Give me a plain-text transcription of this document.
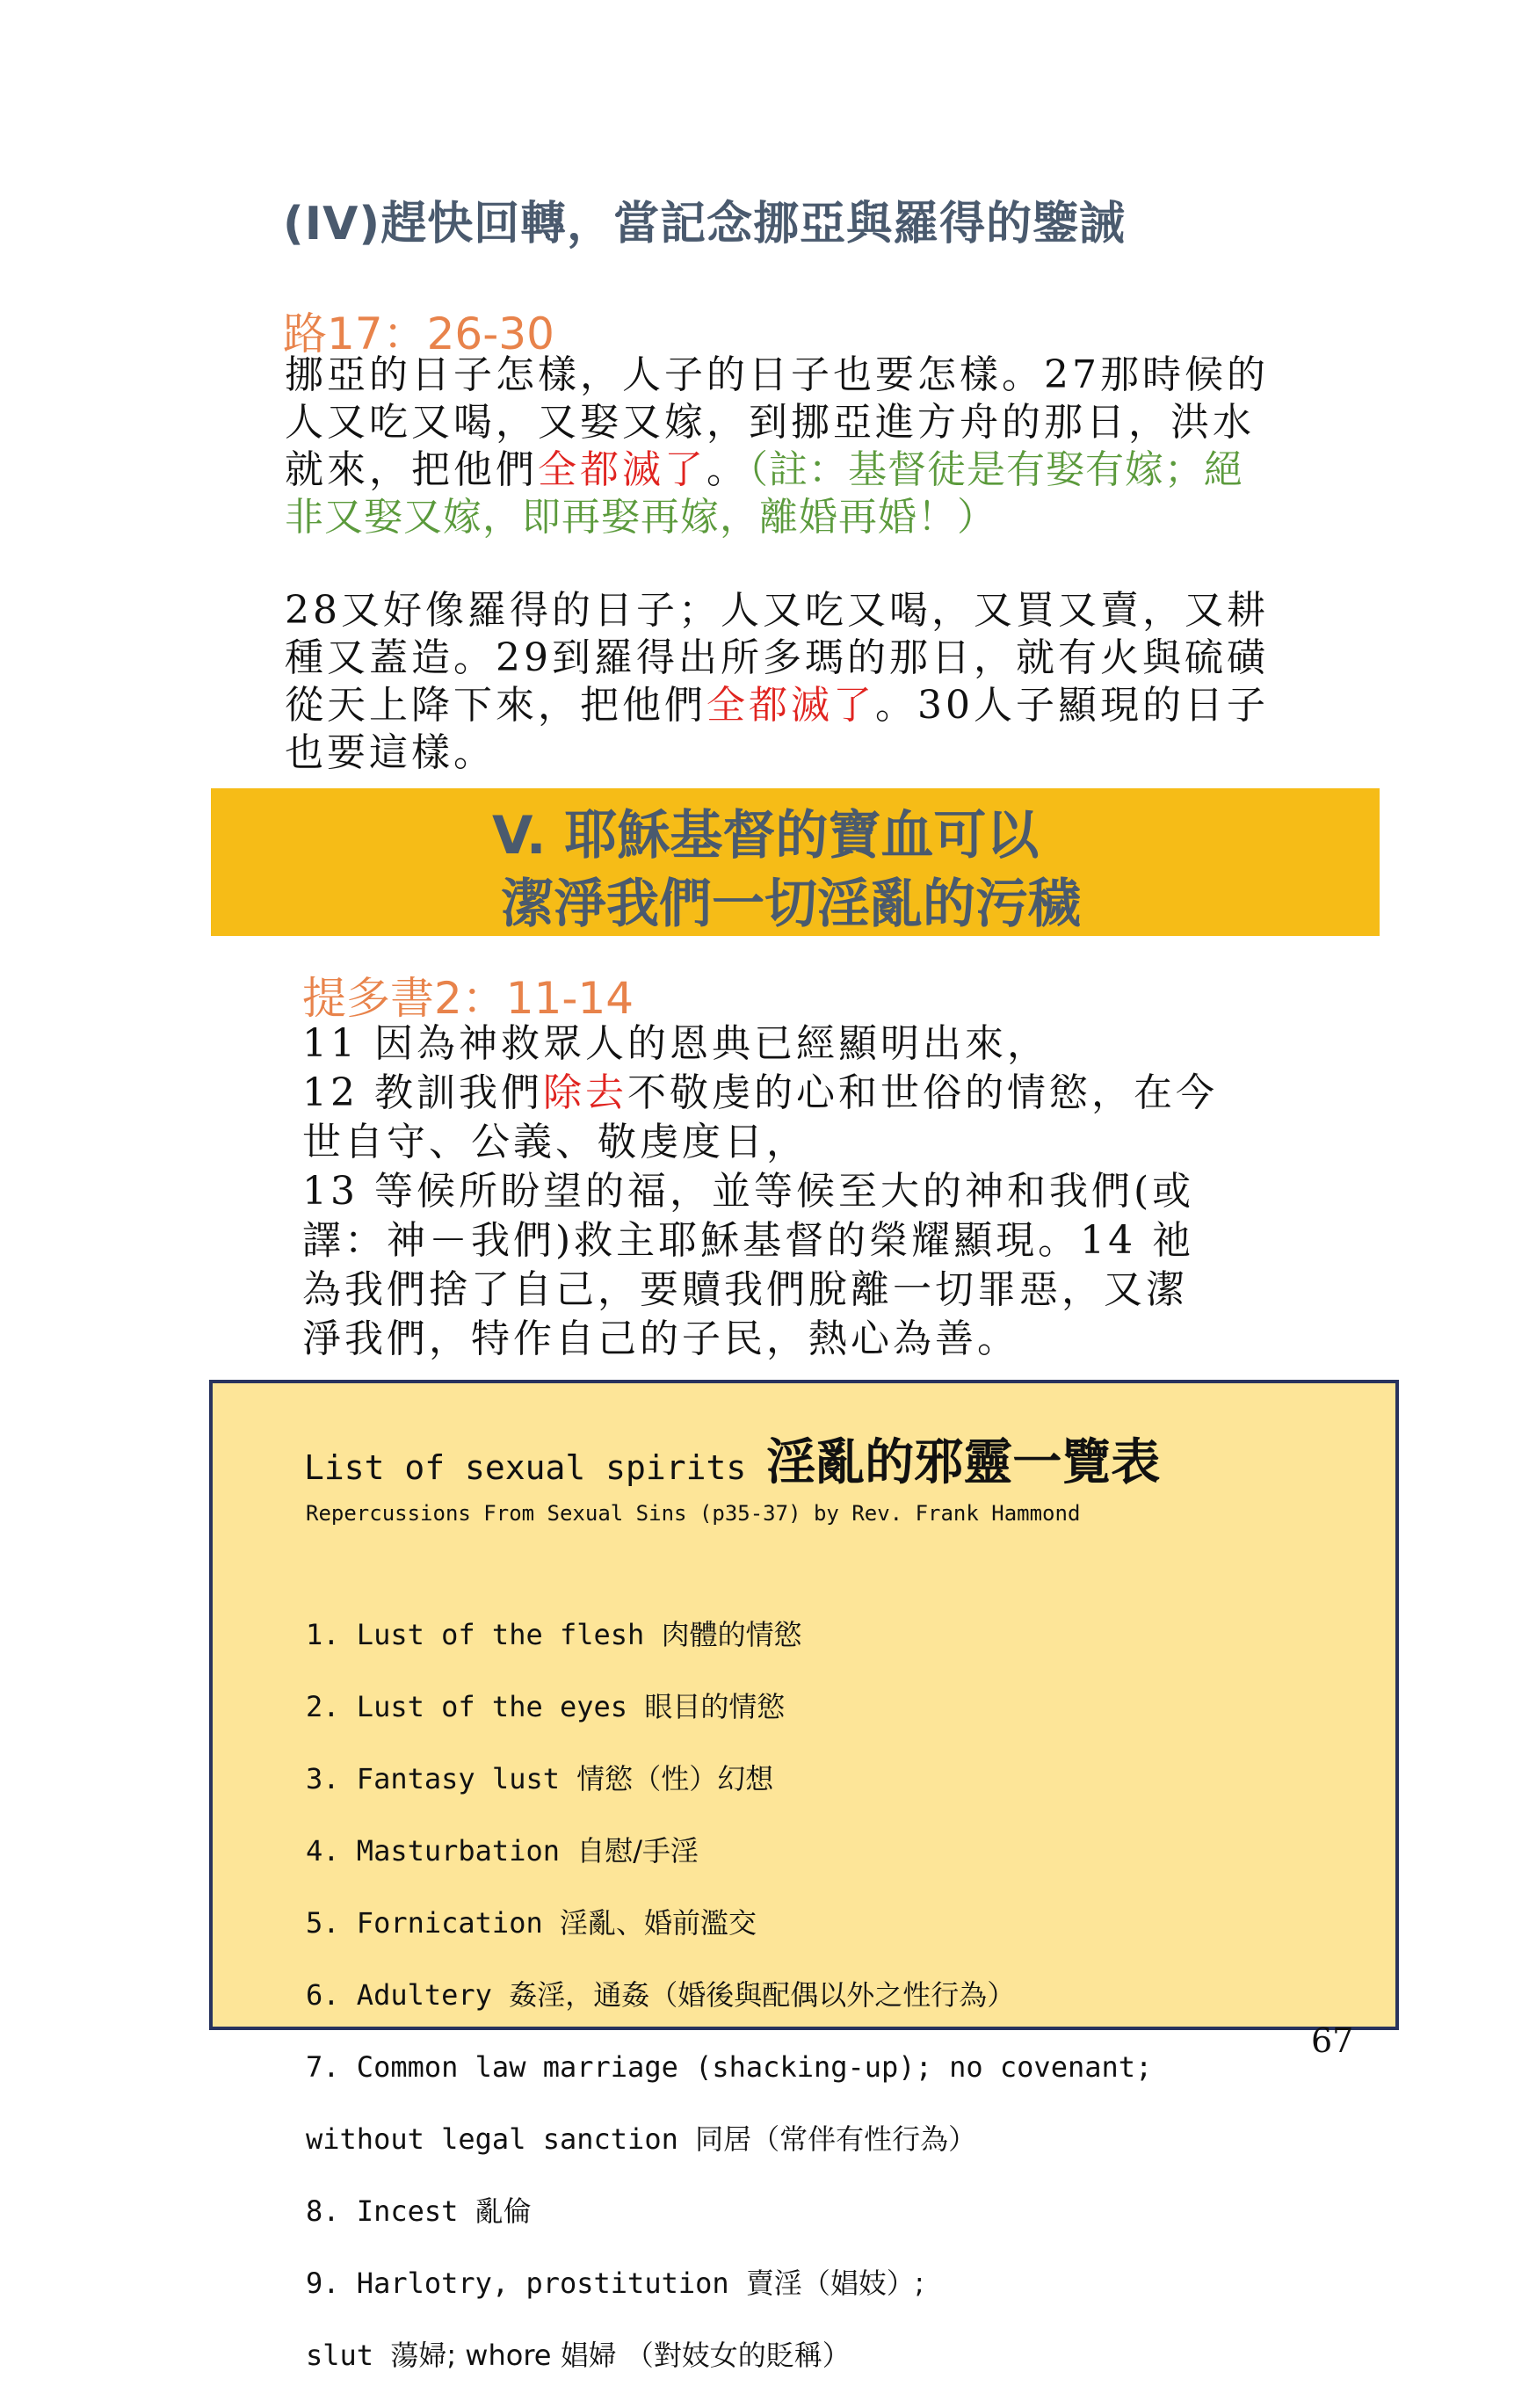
(IV)趕快回轉，當記念挪亞與羅得的鑒誡
路17：26-30
挪亞的日子怎樣，人子的日子也要怎樣。27那時候的
人又吃又喝，又娶又嫁，到挪亞進方舟的那日，洪水
就來，把他們全都滅了。（註：基督徒是有娶有嫁；絕
非又娶又嫁，即再娶再嫁，離婚再婚！）
28又好像羅得的日子；人又吃又喝，又買又賣，又耕
種又蓋造。29到羅得出所多瑪的那日，就有火與硫磺
從天上降下來，把他們全都滅了。30人子顯現的日子
也要這樣。
V. 耶穌基督的寶血可以
潔淨我們一切淫亂的污穢
提多書2：11-14
11 因為神救眾人的恩典已經顯明出來，
12 教訓我們除去不敬虔的心和世俗的情慾，在今
世自守、公義、敬虔度日，
13 等候所盼望的福，並等候至大的神和我們(或
譯：神－我們)救主耶穌基督的榮耀顯現。14 祂
為我們捨了自己，要贖我們脫離一切罪惡，又潔
淨我們，特作自己的子民，熱心為善。
List of sexual spirits 淫亂的邪靈一覽表
Repercussions From Sexual Sins (p35-37) by Rev. Frank Hammond

1. Lust of the flesh 肉體的情慾

2. Lust of the eyes 眼目的情慾

3. Fantasy lust 情慾（性）幻想

4. Masturbation 自慰/手淫

5. Fornication 淫亂、婚前濫交

6. Adultery 姦淫，通姦（婚後與配偶以外之性行為）

7. Common law marriage (shacking-up); no covenant;

without legal sanction 同居（常伴有性行為）

8. Incest 亂倫

9. Harlotry, prostitution 賣淫（娼妓）;

slut 蕩婦; whore 娼婦 （對妓女的貶稱）

67
